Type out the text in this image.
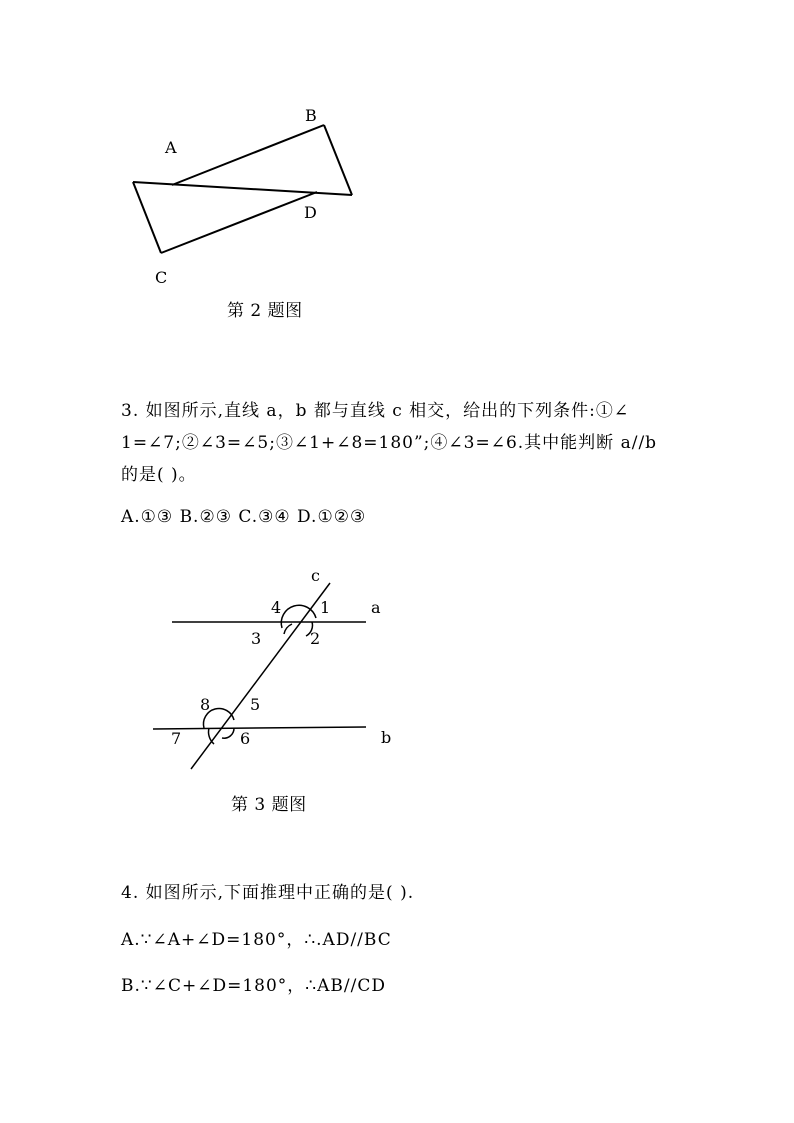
A
B
D
C
c
a
b
4 1
3	2
8 5
7	6
第 2 题图
3. 如图所示,直线 a，b 都与直线 c 相交，给出的下列条件:①∠
1=∠7;②∠3=∠5;③∠1+∠8=180”;④∠3=∠6.其中能判断 a//b
的是( )。
A.①③ B.②③ C.③④ D.①②③
第 3 题图
4. 如图所示,下面推理中正确的是( ).
A.∵∠A+∠D=180°，∴.AD//BC
B.∵∠C+∠D=180°，∴AB//CD
